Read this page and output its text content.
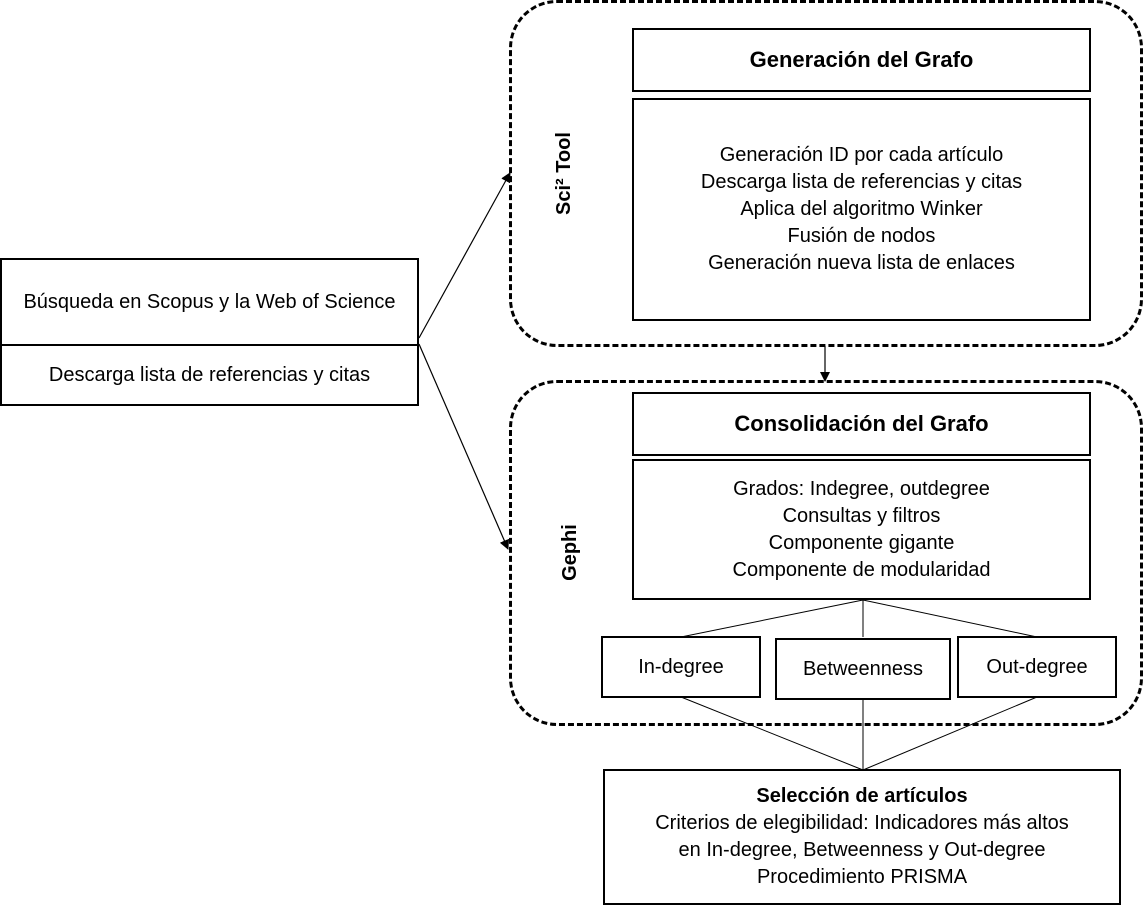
Búsqueda en Scopus y la Web of Science
Descarga lista de referencias y citas
Sci² Tool
Generación del Grafo
Generación ID por cada artículo
Descarga lista de referencias y citas
Aplica del algoritmo Winker
Fusión de nodos
Generación nueva lista de enlaces
Gephi
Consolidación del Grafo
Grados: Indegree, outdegree
Consultas y filtros
Componente gigante
Componente de modularidad
In-degree	Betweenness	Out-degree
Selección de artículos
Criterios de elegibilidad: Indicadores más altos
en In-degree, Betweenness y Out-degree
Procedimiento PRISMA
